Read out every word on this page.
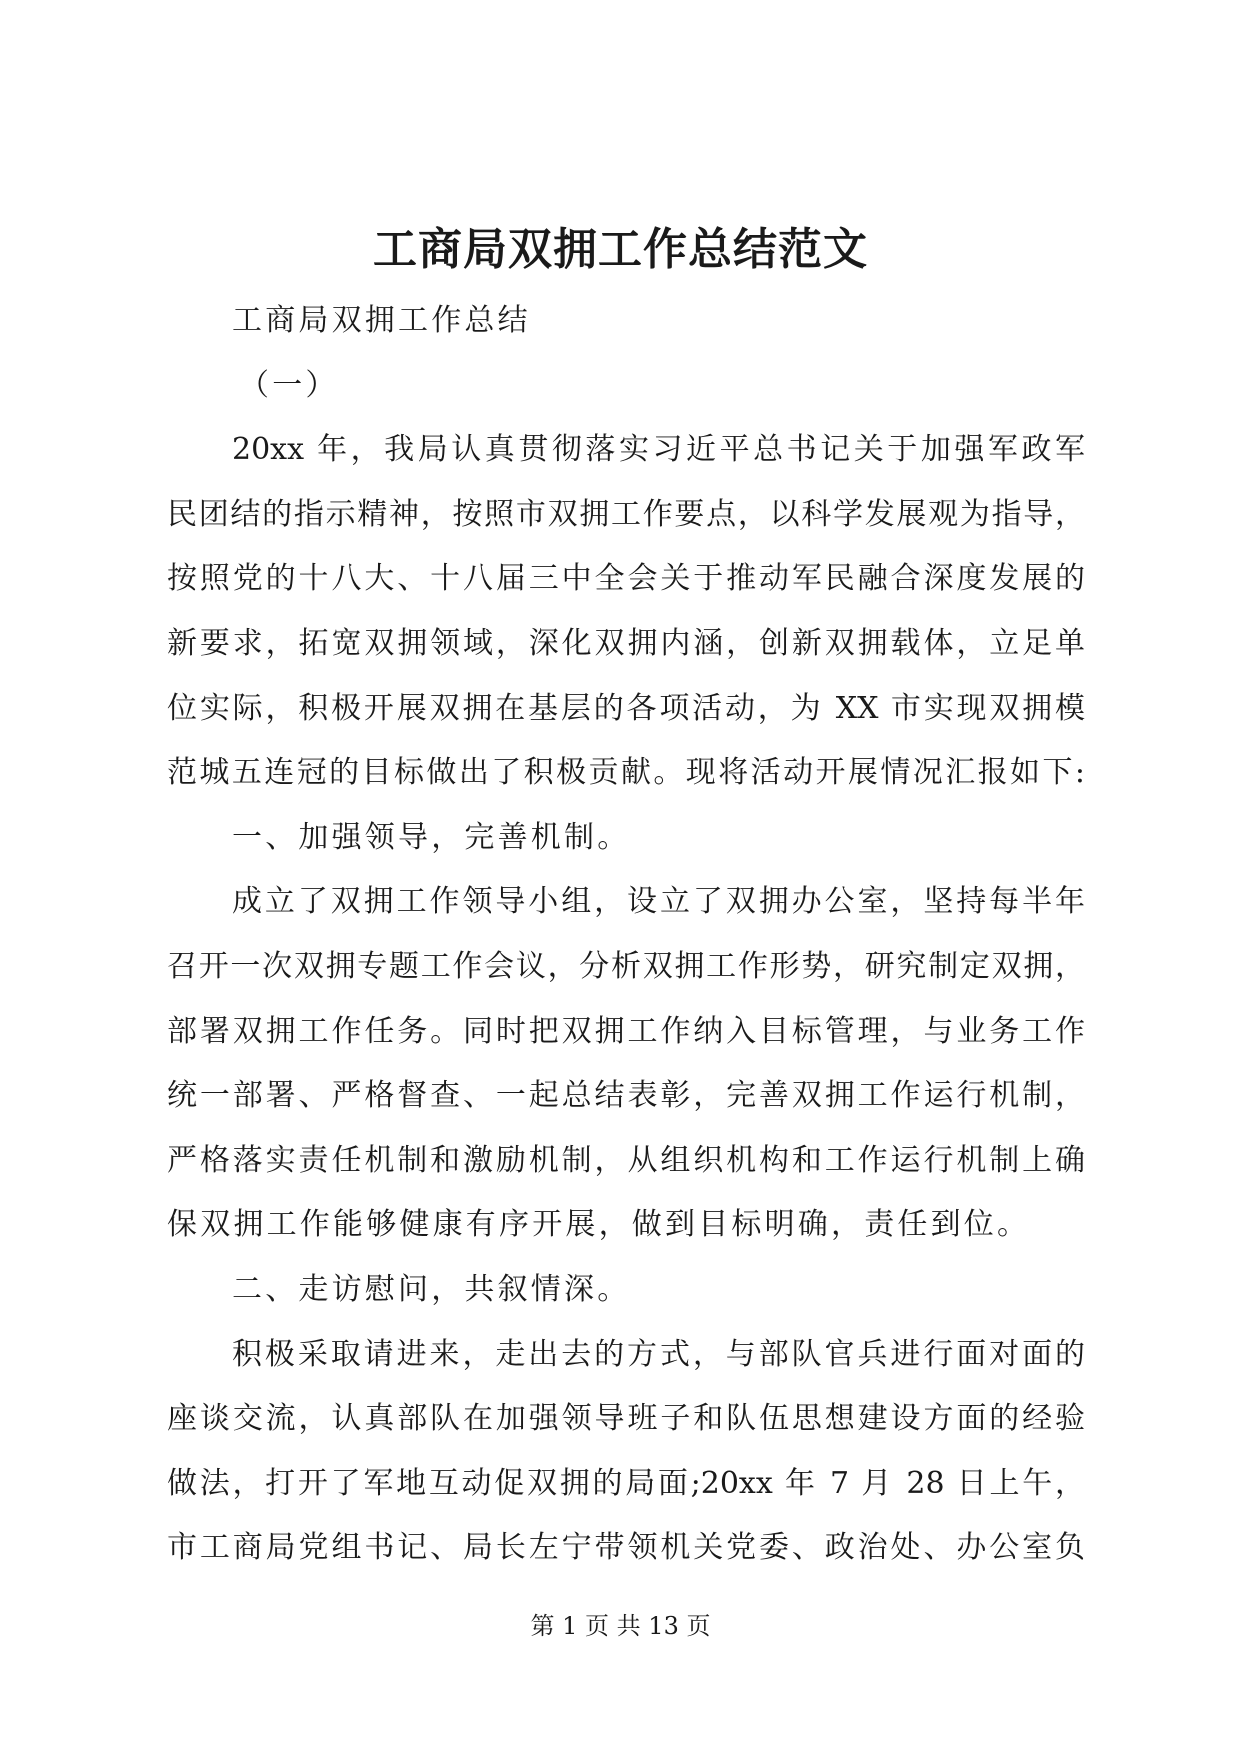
工商局双拥工作总结范文

工商局双拥工作总结

（一）

20xx 年，我局认真贯彻落实习近平总书记关于加强军政军

民团结的指示精神，按照市双拥工作要点，以科学发展观为指导，

按照党的十八大、十八届三中全会关于推动军民融合深度发展的

新要求，拓宽双拥领域，深化双拥内涵，创新双拥载体，立足单

位实际，积极开展双拥在基层的各项活动，为 XX 市实现双拥模

范城五连冠的目标做出了积极贡献。现将活动开展情况汇报如下:

一、加强领导，完善机制。

成立了双拥工作领导小组，设立了双拥办公室，坚持每半年

召开一次双拥专题工作会议，分析双拥工作形势，研究制定双拥，

部署双拥工作任务。同时把双拥工作纳入目标管理，与业务工作

统一部署、严格督查、一起总结表彰，完善双拥工作运行机制，

严格落实责任机制和激励机制，从组织机构和工作运行机制上确

保双拥工作能够健康有序开展，做到目标明确，责任到位。

二、走访慰问，共叙情深。

积极采取请进来，走出去的方式，与部队官兵进行面对面的

座谈交流，认真部队在加强领导班子和队伍思想建设方面的经验

做法，打开了军地互动促双拥的局面;20xx 年 7 月 28 日上午，

市工商局党组书记、局长左宁带领机关党委、政治处、办公室负

第 1 页 共 13 页
